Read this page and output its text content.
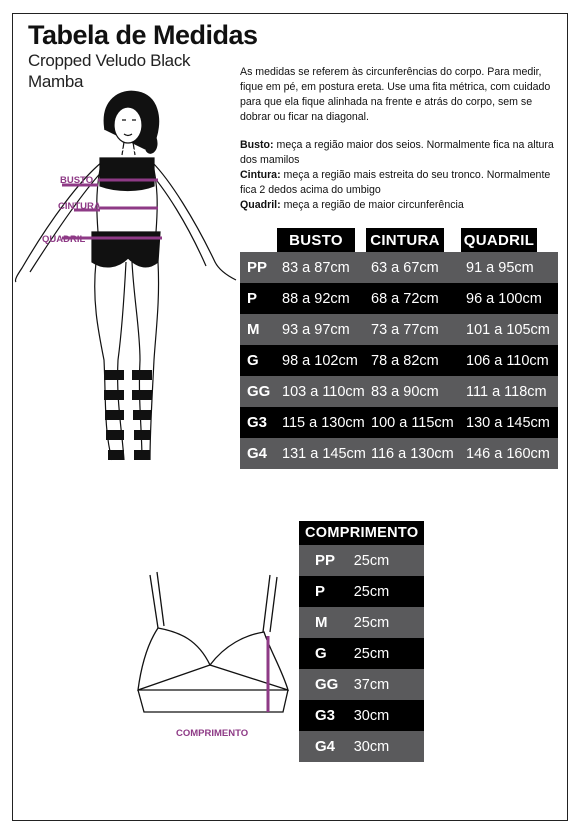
Tabela de Medidas
Cropped Veludo Black Mamba	As medidas se referem às circunferências do corpo. Para medir, fique em pé, em postura ereta. Use uma fita métrica, com cuidado para que ela fique alinhada na frente e atrás do corpo, sem se dobrar ou ficar na diagonal.
Busto: meça a região maior dos seios. Normalmente fica na altura dos mamilos
Cintura: meça a região mais estreita do seu tronco. Normalmente fica 2 dedos acima do umbigo
Quadril: meça a região de maior circunferência
BUSTO
CINTURA
QUADRIL
COMPRIMENTO
	BUSTO		CINTURA		QUADRIL	
PP	83 a 87cm		63 a 67cm		91 a 95cm	
P	88 a 92cm		68 a 72cm		96 a 100cm	
M	93 a 97cm		73 a 77cm		101 a 105cm	
G	98 a 102cm		78 a 82cm		106 a 110cm	
GG	103 a 110cm		83 a 90cm		111 a 118cm	
G3	115 a 130cm		100 a 115cm		130 a 145cm	
G4	131 a 145cm		116 a 130cm		146 a 160cm	
COMPRIMENTO	
PP	25cm
P	25cm
M	25cm
G	25cm
GG	37cm
G3	30cm
G4	30cm
